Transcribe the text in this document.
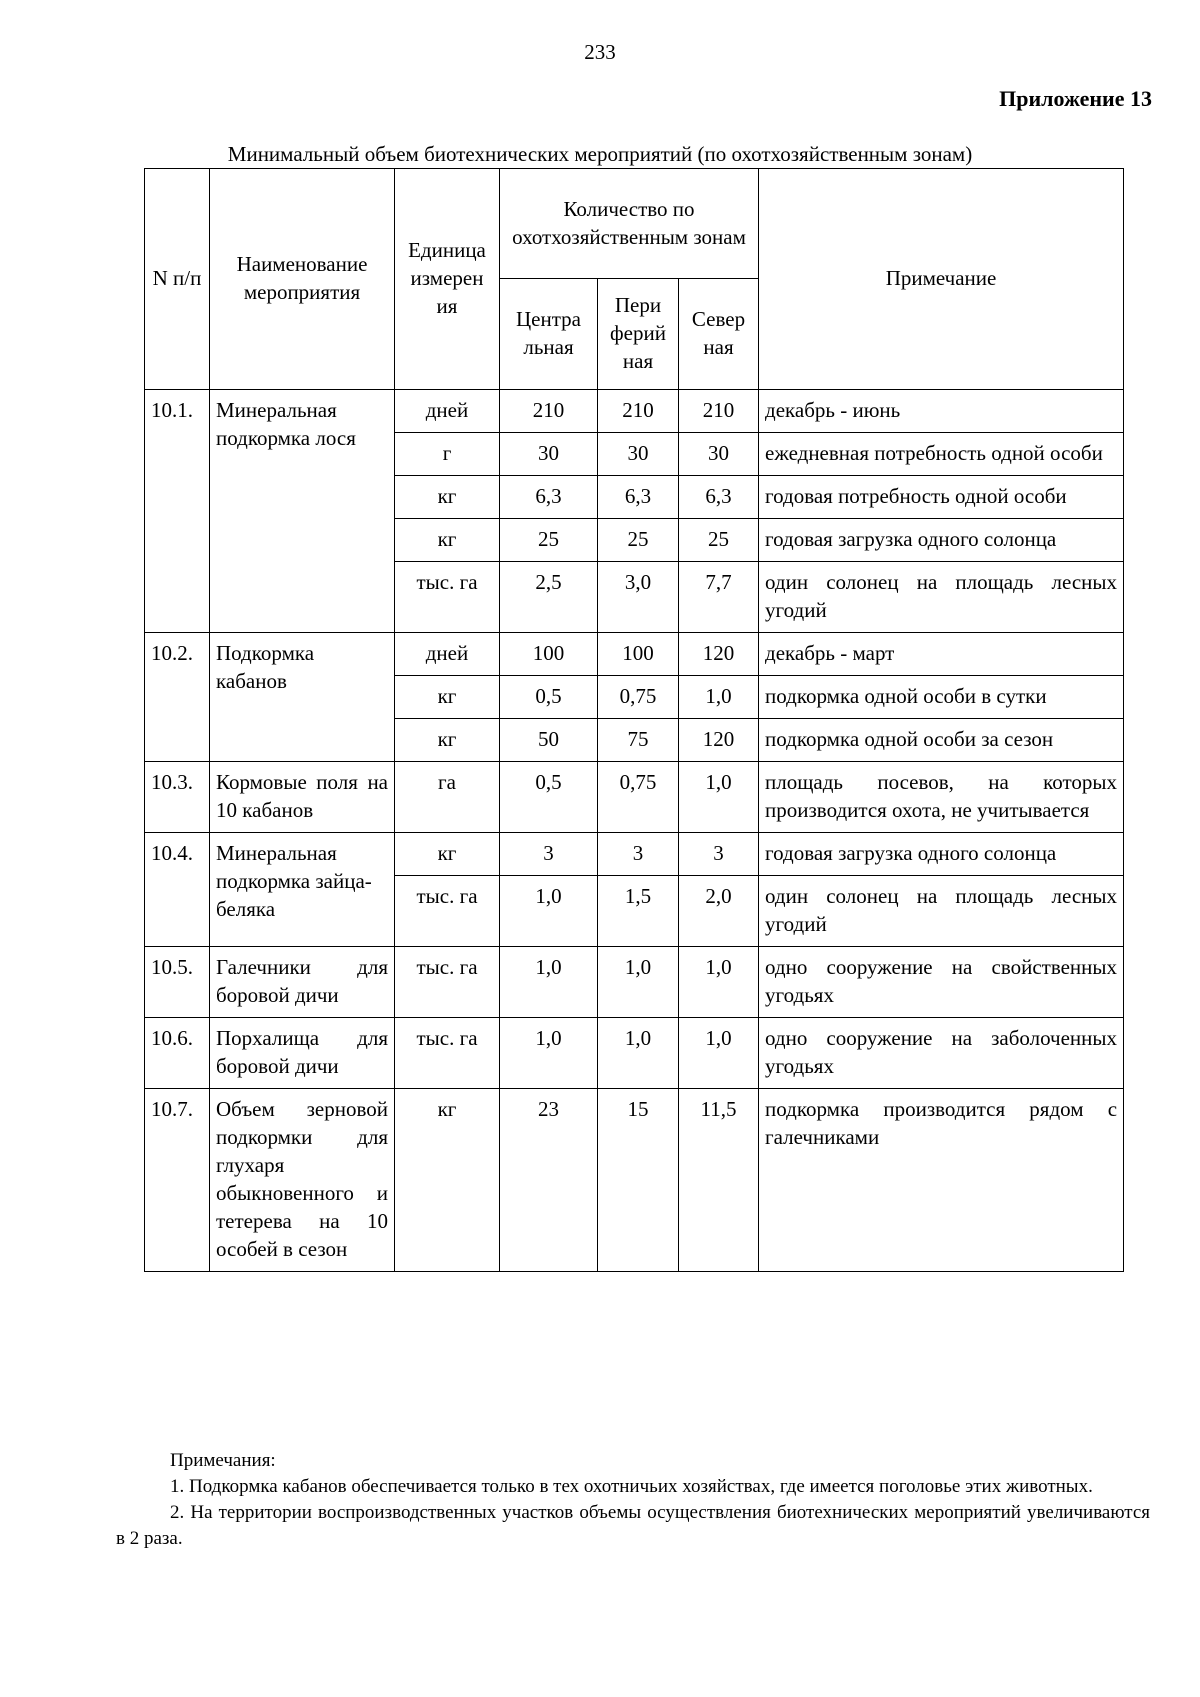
233
Приложение 13
Минимальный объем биотехнических мероприятий (по охотхозяйственным зонам)
N п/п	Наименование мероприятия	Единица измерен ия	Количество по охотхозяйственным зонам			Примечание
			Центра льная	Пери ферий ная	Север ная	
10.1.	Минеральная подкормка лося	дней	210	210	210	декабрь - июнь
		г	30	30	30	ежедневная потребность одной особи
		кг	6,3	6,3	6,3	годовая потребность одной особи
		кг	25	25	25	годовая загрузка одного солонца
		тыс. га	2,5	3,0	7,7	один солонец на площадь лесных угодий
10.2.	Подкормка кабанов	дней	100	100	120	декабрь - март
		кг	0,5	0,75	1,0	подкормка одной особи в сутки
		кг	50	75	120	подкормка одной особи за сезон
10.3.	Кормовые поля на 10 кабанов	га	0,5	0,75	1,0	площадь посевов, на которых производится охота, не учитывается
10.4.	Минеральная подкормка зайца-беляка	кг	3	3	3	годовая загрузка одного солонца
		тыс. га	1,0	1,5	2,0	один солонец на площадь лесных угодий
10.5.	Галечники для боровой дичи	тыс. га	1,0	1,0	1,0	одно сооружение на свойственных угодьях
10.6.	Порхалища для боровой дичи	тыс. га	1,0	1,0	1,0	одно сооружение на заболоченных угодьях
10.7.	Объем зерновой подкормки для глухаря обыкновенного и тетерева на 10 особей в сезон	кг	23	15	11,5	подкормка производится рядом с галечниками

Примечания:

1. Подкормка кабанов обеспечивается только в тех охотничьих хозяйствах, где имеется поголовье этих животных.

2. На территории воспроизводственных участков объемы осуществления биотехнических мероприятий увеличиваются в 2 раза.
